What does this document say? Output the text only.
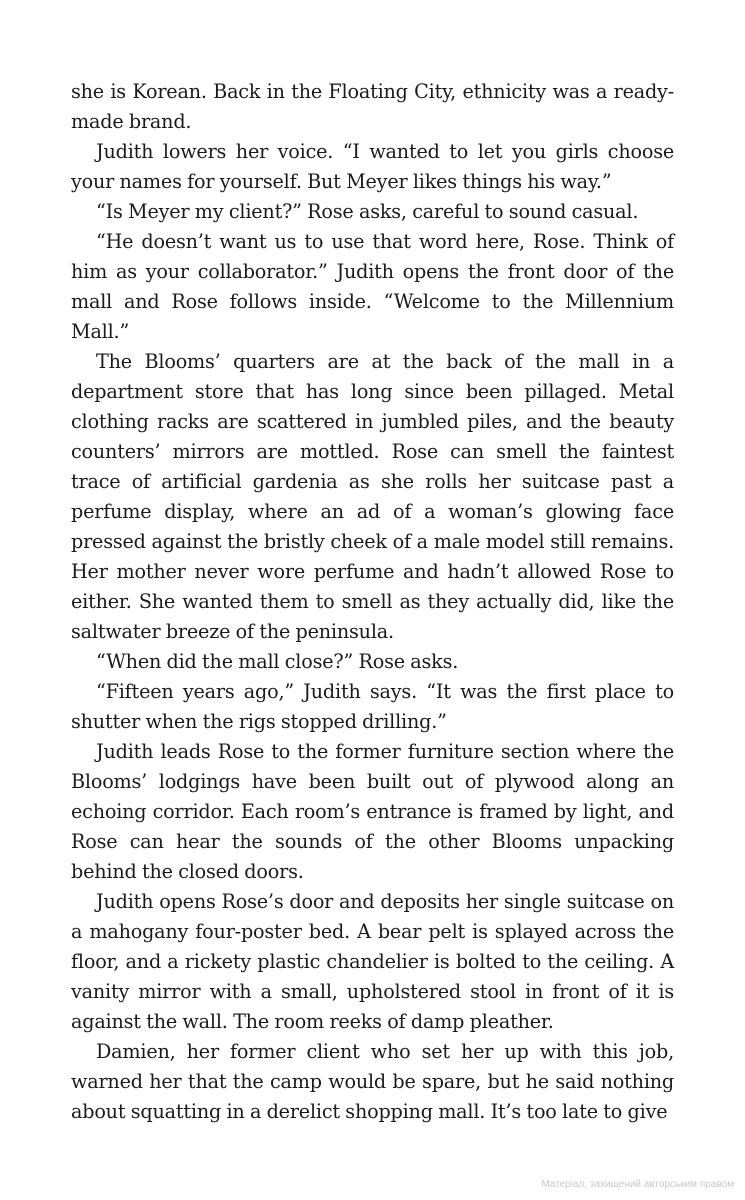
she is Korean. Back in the Floating City, ethnicity was a ready-made brand.

Judith lowers her voice. “I wanted to let you girls choose your names for yourself. But Meyer likes things his way.”

“Is Meyer my client?” Rose asks, careful to sound casual.

“He doesn’t want us to use that word here, Rose. Think of him as your collaborator.” Judith opens the front door of the mall and Rose follows inside. “Welcome to the Millennium Mall.”

The Blooms’ quarters are at the back of the mall in a department store that has long since been pillaged. Metal clothing racks are scattered in jumbled piles, and the beauty counters’ mirrors are mottled. Rose can smell the faintest trace of artificial gardenia as she rolls her suitcase past a perfume display, where an ad of a woman’s glowing face pressed against the bristly cheek of a male model still remains. Her mother never wore perfume and hadn’t allowed Rose to either. She wanted them to smell as they actually did, like the saltwater breeze of the peninsula.

“When did the mall close?” Rose asks.

“Fifteen years ago,” Judith says. “It was the first place to shutter when the rigs stopped drilling.”

Judith leads Rose to the former furniture section where the Blooms’ lodgings have been built out of plywood along an echoing corridor. Each room’s entrance is framed by light, and Rose can hear the sounds of the other Blooms unpacking behind the closed doors.

Judith opens Rose’s door and deposits her single suitcase on a mahogany four-poster bed. A bear pelt is splayed across the floor, and a rickety plastic chandelier is bolted to the ceiling. A vanity mirror with a small, upholstered stool in front of it is against the wall. The room reeks of damp pleather.

Damien, her former client who set her up with this job, warned her that the camp would be spare, but he said nothing about squatting in a derelict shopping mall. It’s too late to give

Матеріал, захищений авторським правом
